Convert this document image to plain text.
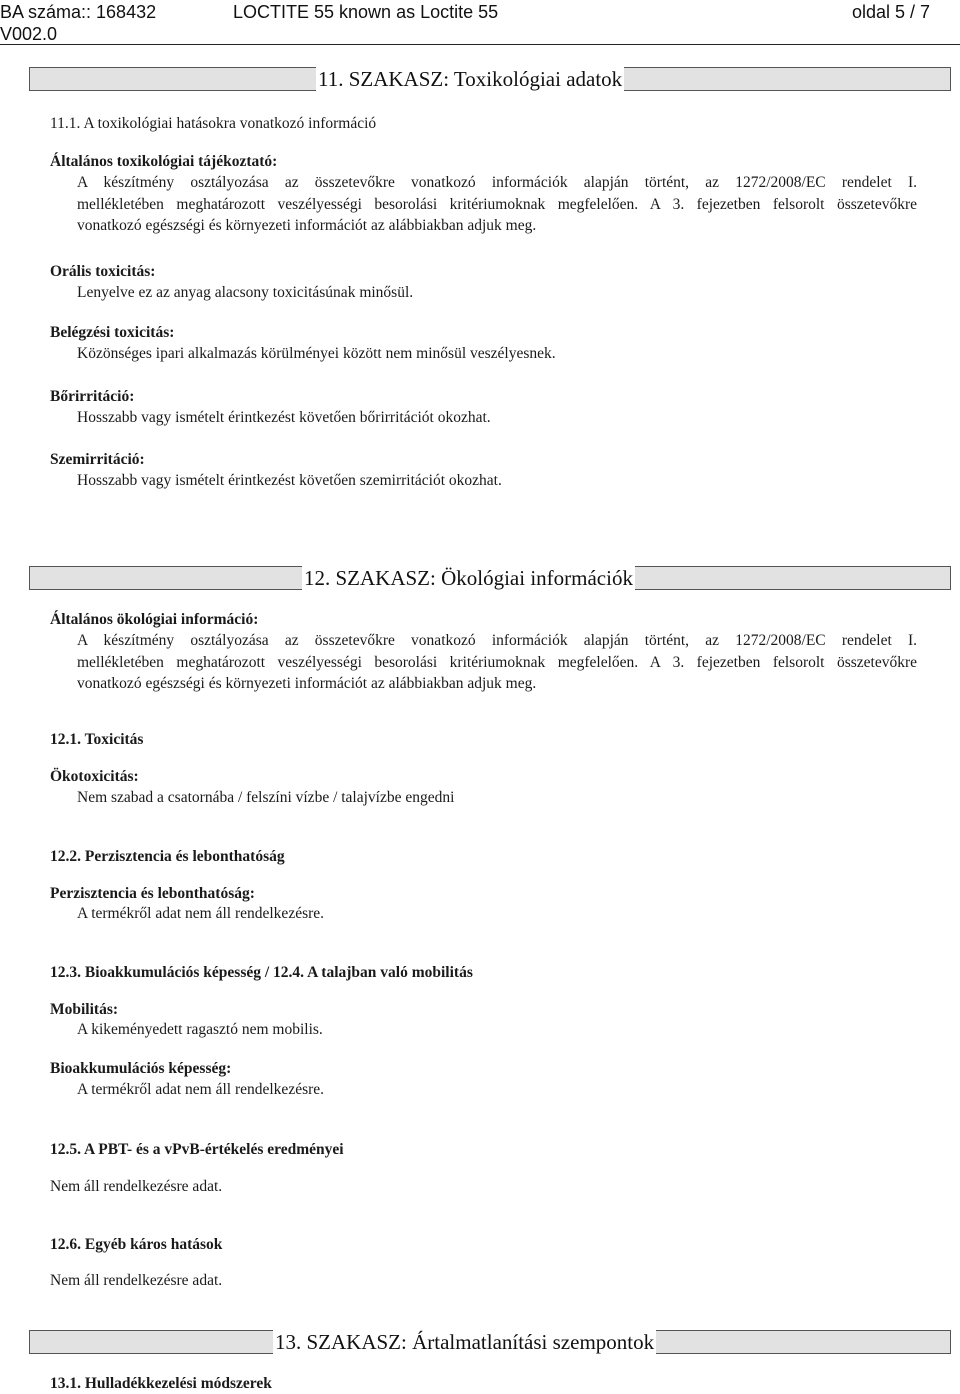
BA száma:: 168432	LOCTITE 55 known as Loctite 55	oldal 5 / 7
V002.0
11. SZAKASZ: Toxikológiai adatok
11.1. A toxikológiai hatásokra vonatkozó információ
Általános toxikológiai tájékoztató:
A készítmény osztályozása az összetevőkre vonatkozó információk alapján történt, az 1272/2008/EC rendelet I.
mellékletében meghatározott veszélyességi besorolási kritériumoknak megfelelően. A 3. fejezetben felsorolt összetevőkre
vonatkozó egészségi és környezeti információt az alábbiakban adjuk meg.
Orális toxicitás:
Lenyelve ez az anyag alacsony toxicitásúnak minősül.
Belégzési toxicitás:
Közönséges ipari alkalmazás körülményei között nem minősül veszélyesnek.
Bőrirritáció:
Hosszabb vagy ismételt érintkezést követően bőrirritációt okozhat.
Szemirritáció:
Hosszabb vagy ismételt érintkezést követően szemirritációt okozhat.
12. SZAKASZ: Ökológiai információk
Általános ökológiai információ:
A készítmény osztályozása az összetevőkre vonatkozó információk alapján történt, az 1272/2008/EC rendelet I.
mellékletében meghatározott veszélyességi besorolási kritériumoknak megfelelően. A 3. fejezetben felsorolt összetevőkre
vonatkozó egészségi és környezeti információt az alábbiakban adjuk meg.
12.1. Toxicitás
Ökotoxicitás:
Nem szabad a csatornába / felszíni vízbe / talajvízbe engedni
12.2. Perzisztencia és lebonthatóság
Perzisztencia és lebonthatóság:
A termékről adat nem áll rendelkezésre.
12.3. Bioakkumulációs képesség / 12.4. A talajban való mobilitás
Mobilitás:
A kikeményedett ragasztó nem mobilis.
Bioakkumulációs képesség:
A termékről adat nem áll rendelkezésre.
12.5. A PBT- és a vPvB-értékelés eredményei
Nem áll rendelkezésre adat.
12.6. Egyéb káros hatások
Nem áll rendelkezésre adat.
13. SZAKASZ: Ártalmatlanítási szempontok
13.1. Hulladékkezelési módszerek
